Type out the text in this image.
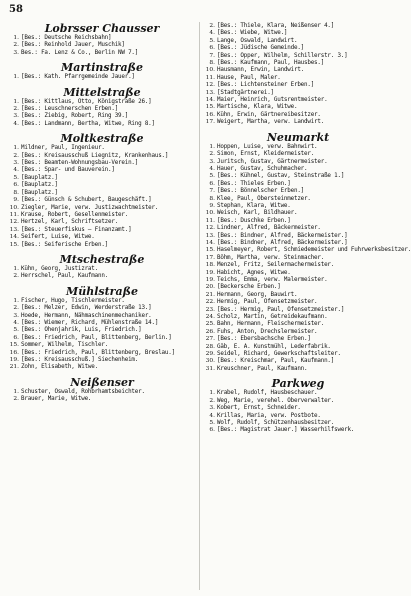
58
Lobrsser Chausser
1. [Bes.: Deutsche Reichsbahn]
2. [Bes.: Reinhold Jauer, Muschik]
3. Bes.: Fa. Lenz & Co., Berlin NW 7.]
Martinstraße
1. [Bes.: Kath. Pfarrgemeinde Jauer.]
Mittelstraße
1. [Bes.: Kittlaus, Otto, Königstraße 26.]
2. [Bes.: Leuschnerschen Erben.]
3. [Bes.: Ziebig, Robert, Ring 39.]
4. [Bes.: Landmann, Bertha, Witwe, Ring 8.]
Moltkestraße
1. Mildner, Paul, Ingenieur.
2. [Bes.: Kreisausschuß Liegnitz, Krankenhaus.]
3. [Bes.: Beamten-Wohnungsbau-Verein.]
4. [Bes.: Spar- und Bauverein.]
5. [Bauplatz.]
6. [Bauplatz.]
8. [Bauplatz.]
9. [Bes.: Günsch & Schubert, Baugeschäft.]
10. Ziegler, Marie, verw. Justizwachtmeister.
11. Krause, Robert, Gesellenmeister.
12. Hertzel, Karl, Schriftsetzer.
13. [Bes.: Steuerfiskus — Finanzamt.]
14. Seifert, Luise, Witwe.
15. [Bes.: Seiferische Erben.]
Mtschestraße
1. Kühn, Georg, Justizrat.
2. Herrschel, Paul, Kaufmann.
Mühlstraße
1. Fischer, Hugo, Tischlermeister.
2. [Bes.: Melzer, Edwin, Werderstraße 13.]
3. Hoede, Hermann, Nähmaschinenmechaniker.
4. [Bes.: Wiemer, Richard, Mühlenstraße 14.]
5. [Bes.: Ohenjahrik, Luis, Friedrich.]
6. [Bes.: Friedrich, Paul, Blittenberg, Berlin.]
15. Sommer, Wilhelm, Tischler.
16. [Bes.: Friedrich, Paul, Blittenberg, Breslau.]
19. [Bes.: Kreisausschuß.] Siechenheim.
21. Zohn, Elisabeth, Witwe.
Neißenser
1. Schuster, Oswald, Rohbrhamtsbeichter.
2. Brauer, Marie, Witwe.
2. [Bes.: Thiele, Klara, Neißenser 4.]
4. [Bes.: Wiebe, Witwe.]
5. Lange, Oswald, Landwirt.
6. [Bes.: Jüdische Gemeinde.]
7. [Bes.: Opper, Wilhelm, Schillerstr. 3.]
8. [Bes.: Kaufmann, Paul, Hausbes.]
10. Hausmann, Erwin, Landwirt.
11. Hause, Paul, Maler.
12. [Bes.: Lichtensteiner Erben.]
13. [Stadtgärtnerei.]
14. Maier, Heinrich, Gutsrentmeister.
15. Martische, Klara, Witwe.
16. Kühn, Erwin, Gärtnereibesitzer.
17. Weigert, Martha, verw. Landwirt.
Neumarkt
1. Hoppen, Luise, verw. Bahnwirt.
2. Simon, Ernst, Kleidermeister.
3. Juritsch, Gustav, Gärtnermeister.
4. Hauer, Gustav, Schuhmacher.
5. [Bes.: Kühnel, Gustav, Steinstraße 1.]
6. [Bes.: Thieles Erben.]
7. [Bes.: Bönnelscher Erben.]
8. Klee, Paul, Obersteinmetzer.
9. Stephan, Klara, Witwe.
10. Weisch, Karl, Bildhauer.
11. [Bes.: Duschke Erben.]
12. Lindner, Alfred, Bäckermeister.
13. [Bes.: Bindner, Alfred, Bäckermeister.]
14. [Bes.: Bindner, Alfred, Bäckermeister.]
15. Haselmeyer, Robert, Schmiedemeister und Fuhrwerksbesitzer.
17. Böhm, Martha, verw. Steinmacher.
18. Menzel, Fritz, Seilermachermeister.
19. Habicht, Agnes, Witwe.
19. Teichs, Emma, verw. Malermeister.
20. [Beckersche Erben.]
21. Hermann, Georg, Bauwirt.
22. Hermig, Paul, Ofensetzmeister.
23. [Bes.: Hermig, Paul, Ofensetzmeister.]
24. Scholz, Martin, Getreidekaufmann.
25. Bahn, Hermann, Fleischermeister.
26. Fuhs, Anton, Drechslermeister.
27. [Bes.: Ebersbachsche Erben.]
28. Gäb, E. A. Kunstmühl, Lederfabrik.
29. Seidel, Richard, Gewerkschaftsleiter.
30. [Bes.: Kreischmar, Paul, Kaufmann.]
31. Kreuschner, Paul, Kaufmann.
Parkweg
1. Krabel, Rudolf, Hausbeschauer.
2. Weg, Marie, verehel. Oberverwalter.
3. Kobert, Ernst, Schneider.
4. Krillas, Maria, verw. Postbote.
5. Wolf, Rudolf, Schützenhausbesitzer.
6. [Bes.: Magistrat Jauer.] Wasserhilfswerk.
